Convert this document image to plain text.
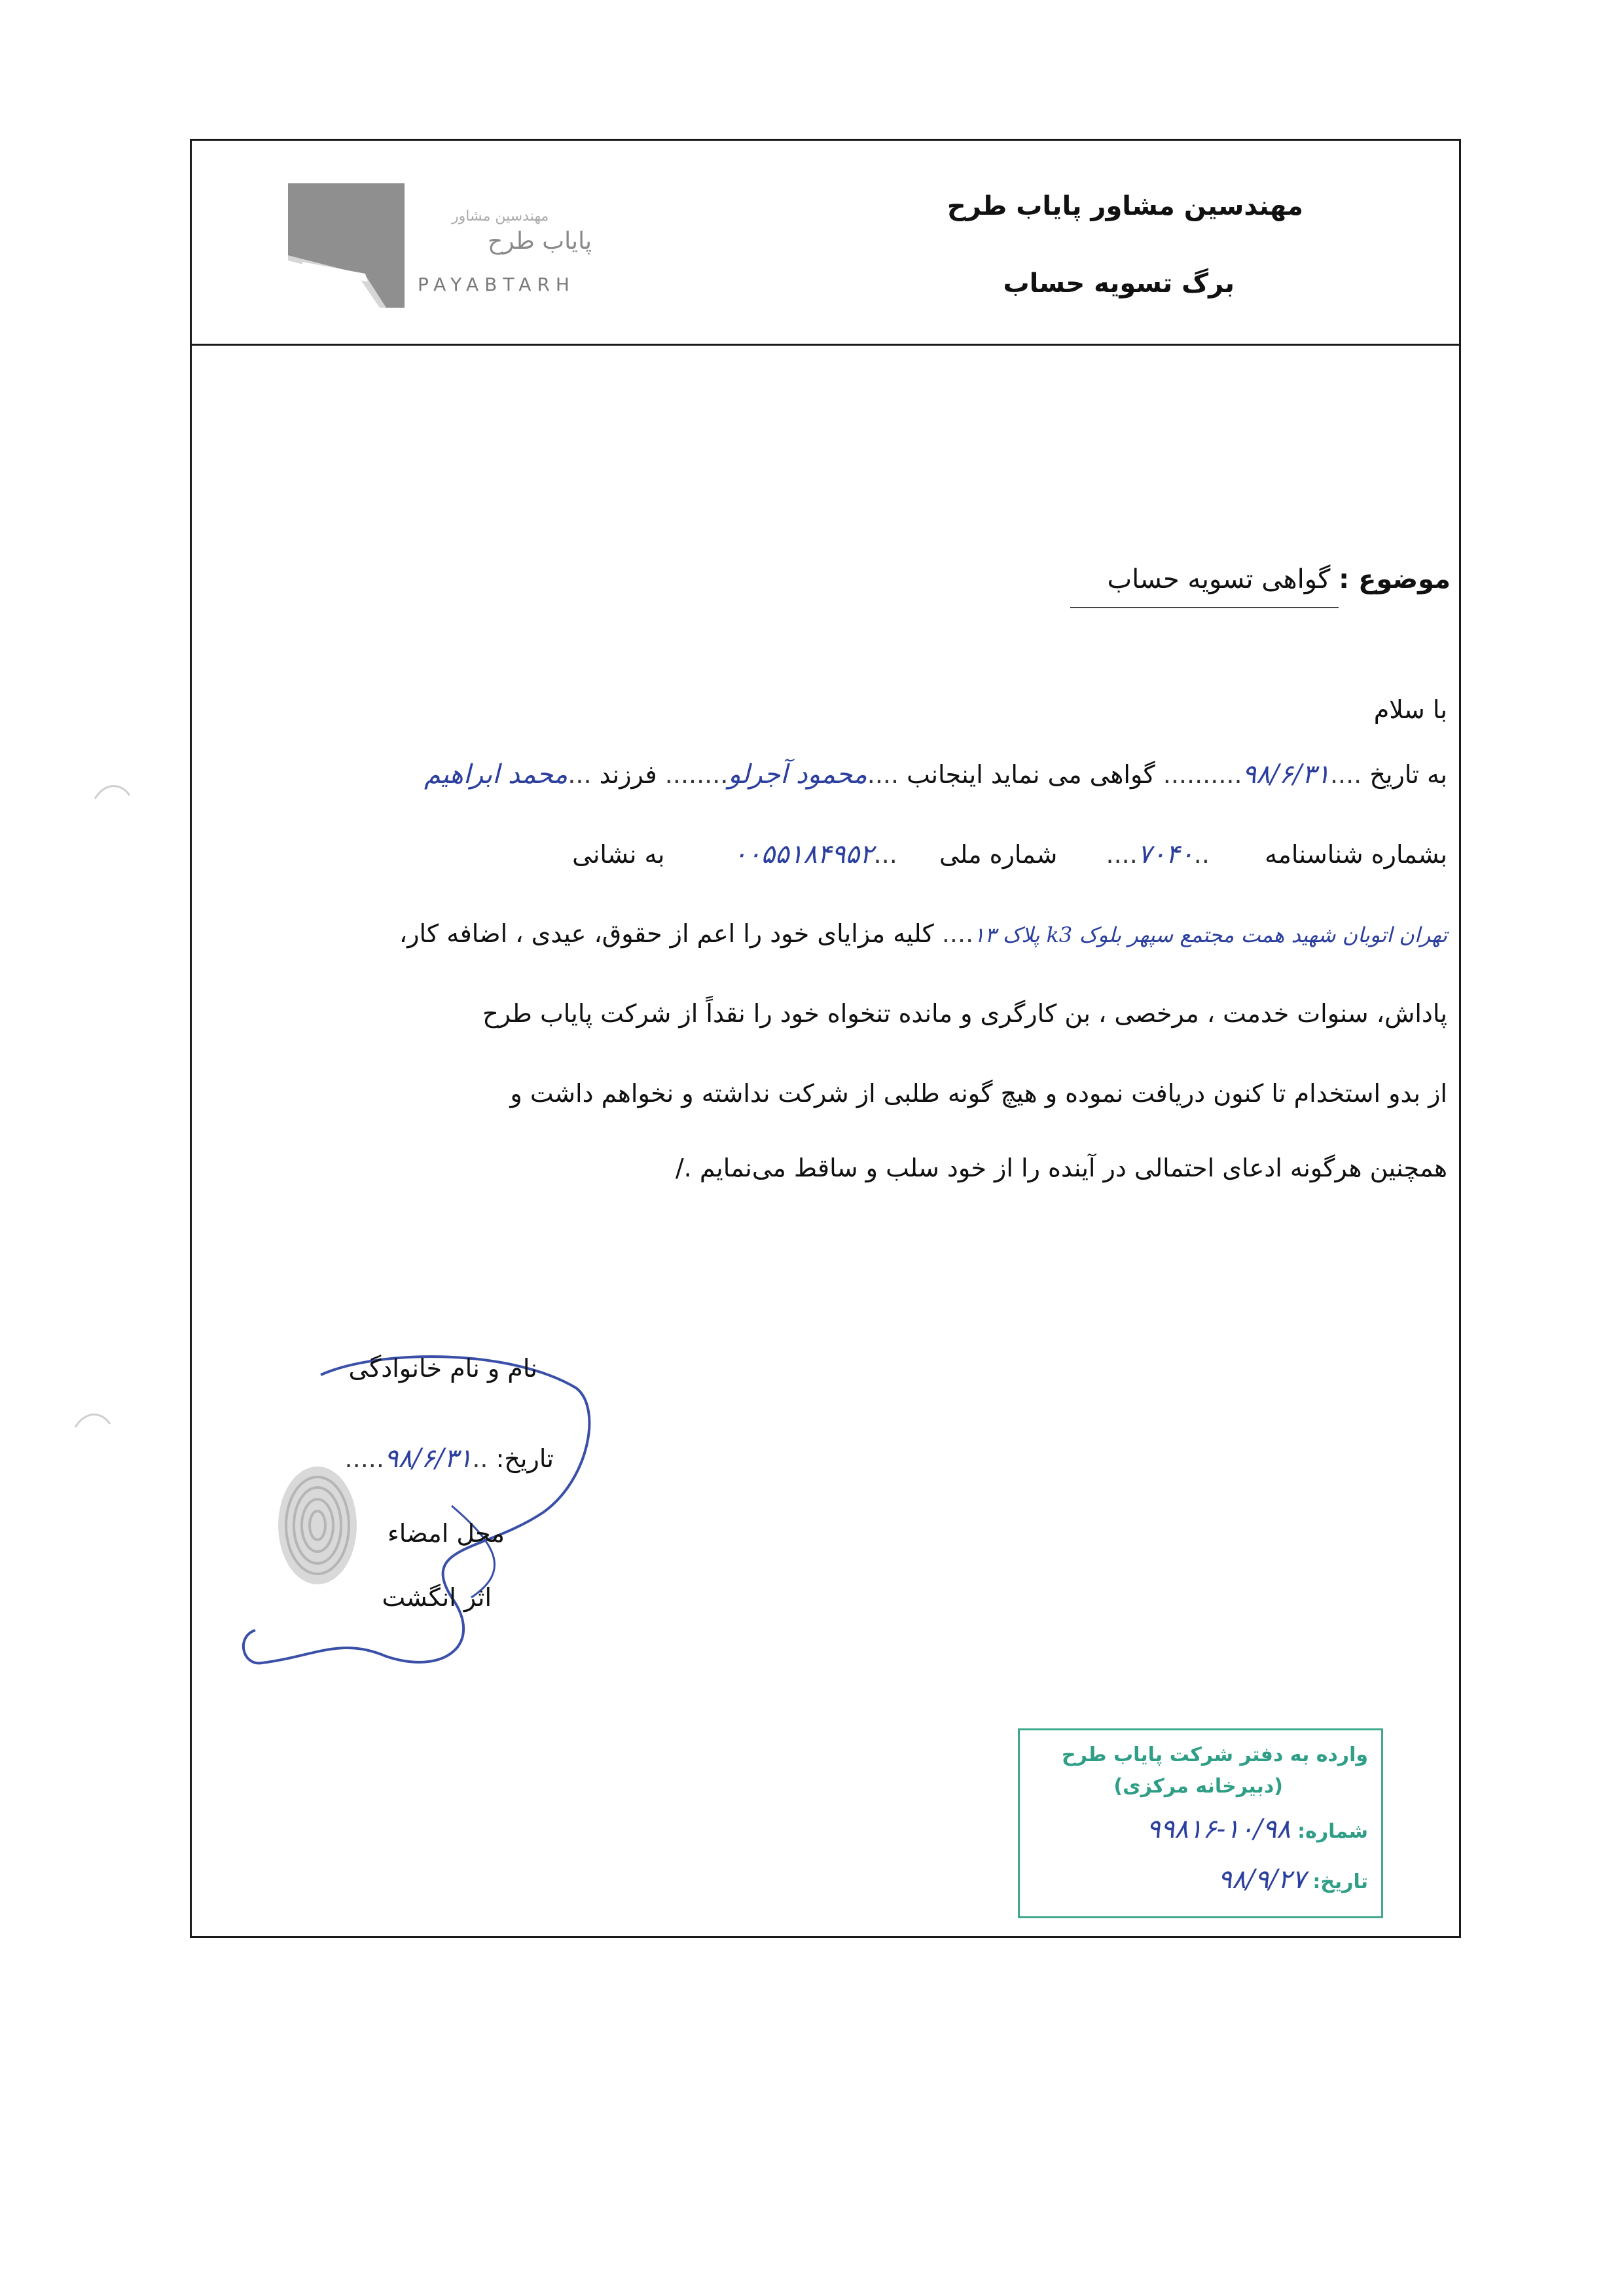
مهندسین مشاور پایاب طرح
برگ تسویه حساب
مهندسین مشاور
پایاب طرح
PAYABTARH
موضوع : گواهی تسویه حساب
با سلام
به تاریخ ....۹۸/۶/۳۱.......... گواهی می نماید اینجانب ....محمود آجرلو........ فرزند ...محمد ابراهیم
بشماره شناسنامه  ..۷۰۴۰....  شماره ملی  ...۰۰۵۵۱۸۴۹۵۲  به نشانی
تهران اتوبان شهید همت مجتمع سپهر بلوک k3 پلاک ۱۳.... کلیه مزایای خود را اعم از حقوق، عیدی ، اضافه کار،
پاداش، سنوات خدمت ، مرخصی ، بن کارگری و مانده تنخواه خود را نقداً از شرکت پایاب طرح
از بدو استخدام تا کنون دریافت نموده و هیچ گونه طلبی از شرکت نداشته و نخواهم داشت و
همچنین هرگونه ادعای احتمالی در آینده را از خود سلب و ساقط می‌نمایم ./
نام و نام خانوادگی
تاریخ: ..۹۸/۶/۳۱.....
محل امضاء
اثر انگشت
وارده به دفتر شرکت پایاب طرح
(دبیرخانه مرکزی)
شماره: ۱۰/۹۸-۹۹۸۱۶
تاریخ: ۹۸/۹/۲۷
